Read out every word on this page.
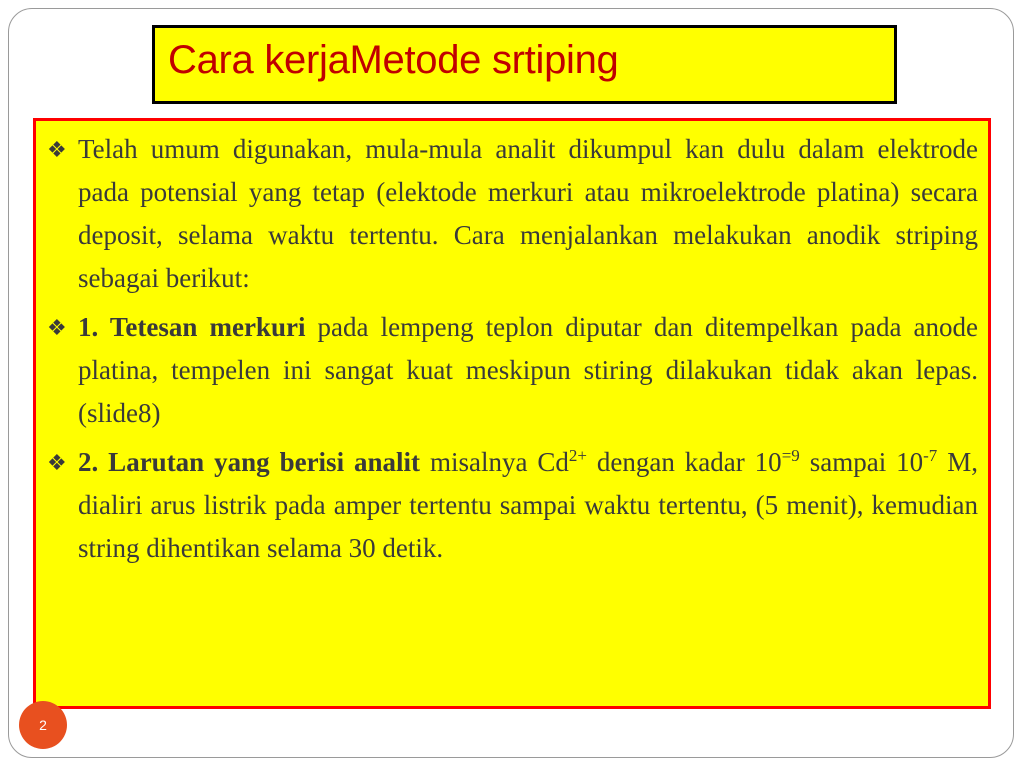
Cara kerjaMetode srtiping
❖ Telah umum digunakan, mula-mula analit dikumpul kan dulu dalam elektrode pada potensial yang tetap (elektode merkuri atau mikroelektrode platina) secara deposit, selama waktu tertentu. Cara menjalankan melakukan anodik striping sebagai berikut:
❖ 1. Tetesan merkuri pada lempeng teplon diputar dan ditempelkan pada anode platina, tempelen ini sangat kuat meskipun stiring dilakukan tidak akan lepas. (slide8)
❖ 2. Larutan yang berisi analit misalnya $Cd^{2+}$ dengan kadar $10^{=9}$ sampai $10^{-7}$ M, dialiri arus listrik pada amper tertentu sampai waktu tertentu, (5 menit), kemudian string dihentikan selama 30 detik.
2
